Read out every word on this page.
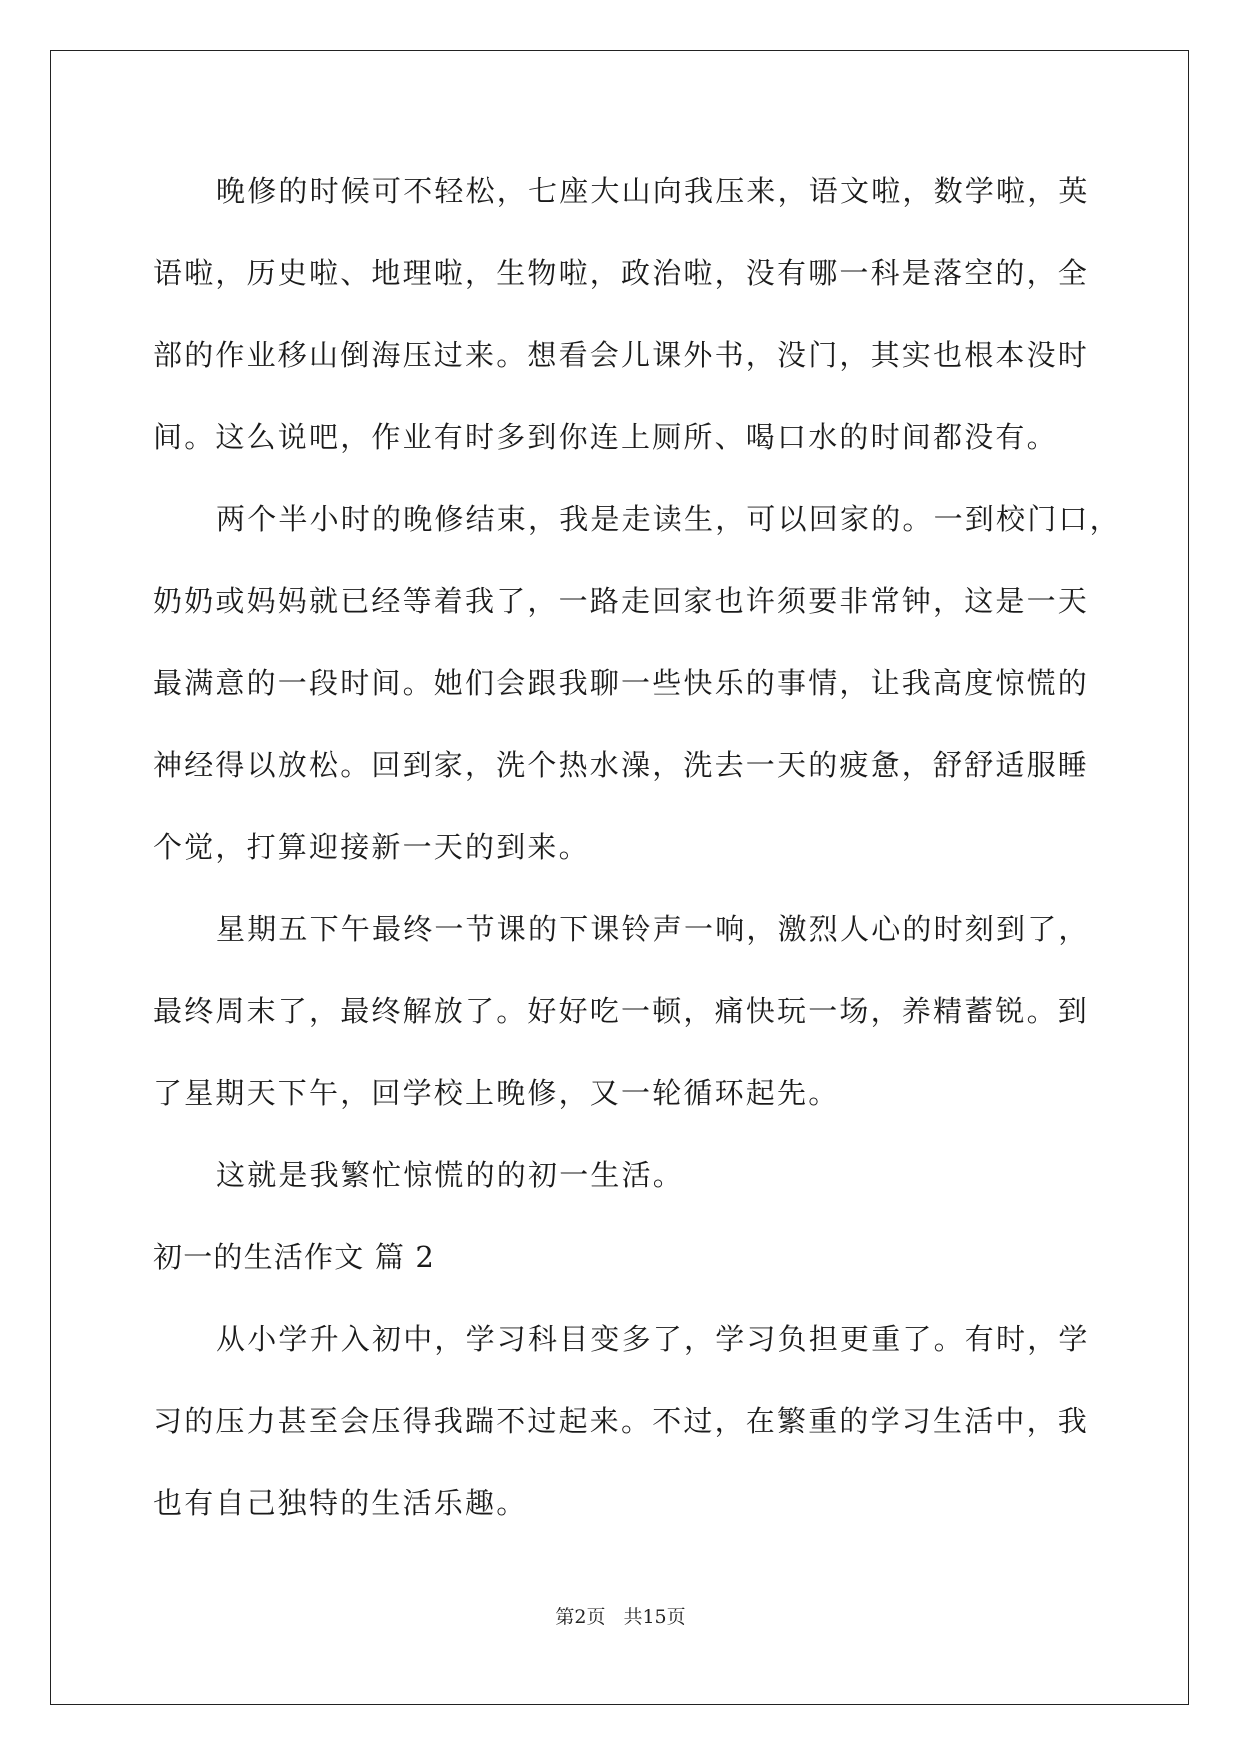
晚修的时候可不轻松，七座大山向我压来，语文啦，数学啦，英
语啦，历史啦、地理啦，生物啦，政治啦，没有哪一科是落空的，全
部的作业移山倒海压过来。想看会儿课外书，没门，其实也根本没时
间。这么说吧，作业有时多到你连上厕所、喝口水的时间都没有。
两个半小时的晚修结束，我是走读生，可以回家的。一到校门口，
奶奶或妈妈就已经等着我了，一路走回家也许须要非常钟，这是一天
最满意的一段时间。她们会跟我聊一些快乐的事情，让我高度惊慌的
神经得以放松。回到家，洗个热水澡，洗去一天的疲惫，舒舒适服睡
个觉，打算迎接新一天的到来。
星期五下午最终一节课的下课铃声一响，激烈人心的时刻到了，
最终周末了，最终解放了。好好吃一顿，痛快玩一场，养精蓄锐。到
了星期天下午，回学校上晚修，又一轮循环起先。
这就是我繁忙惊慌的的初一生活。
初一的生活作文 篇 2
从小学升入初中，学习科目变多了，学习负担更重了。有时，学
习的压力甚至会压得我踹不过起来。不过，在繁重的学习生活中，我
也有自己独特的生活乐趣。
第2页 共15页
